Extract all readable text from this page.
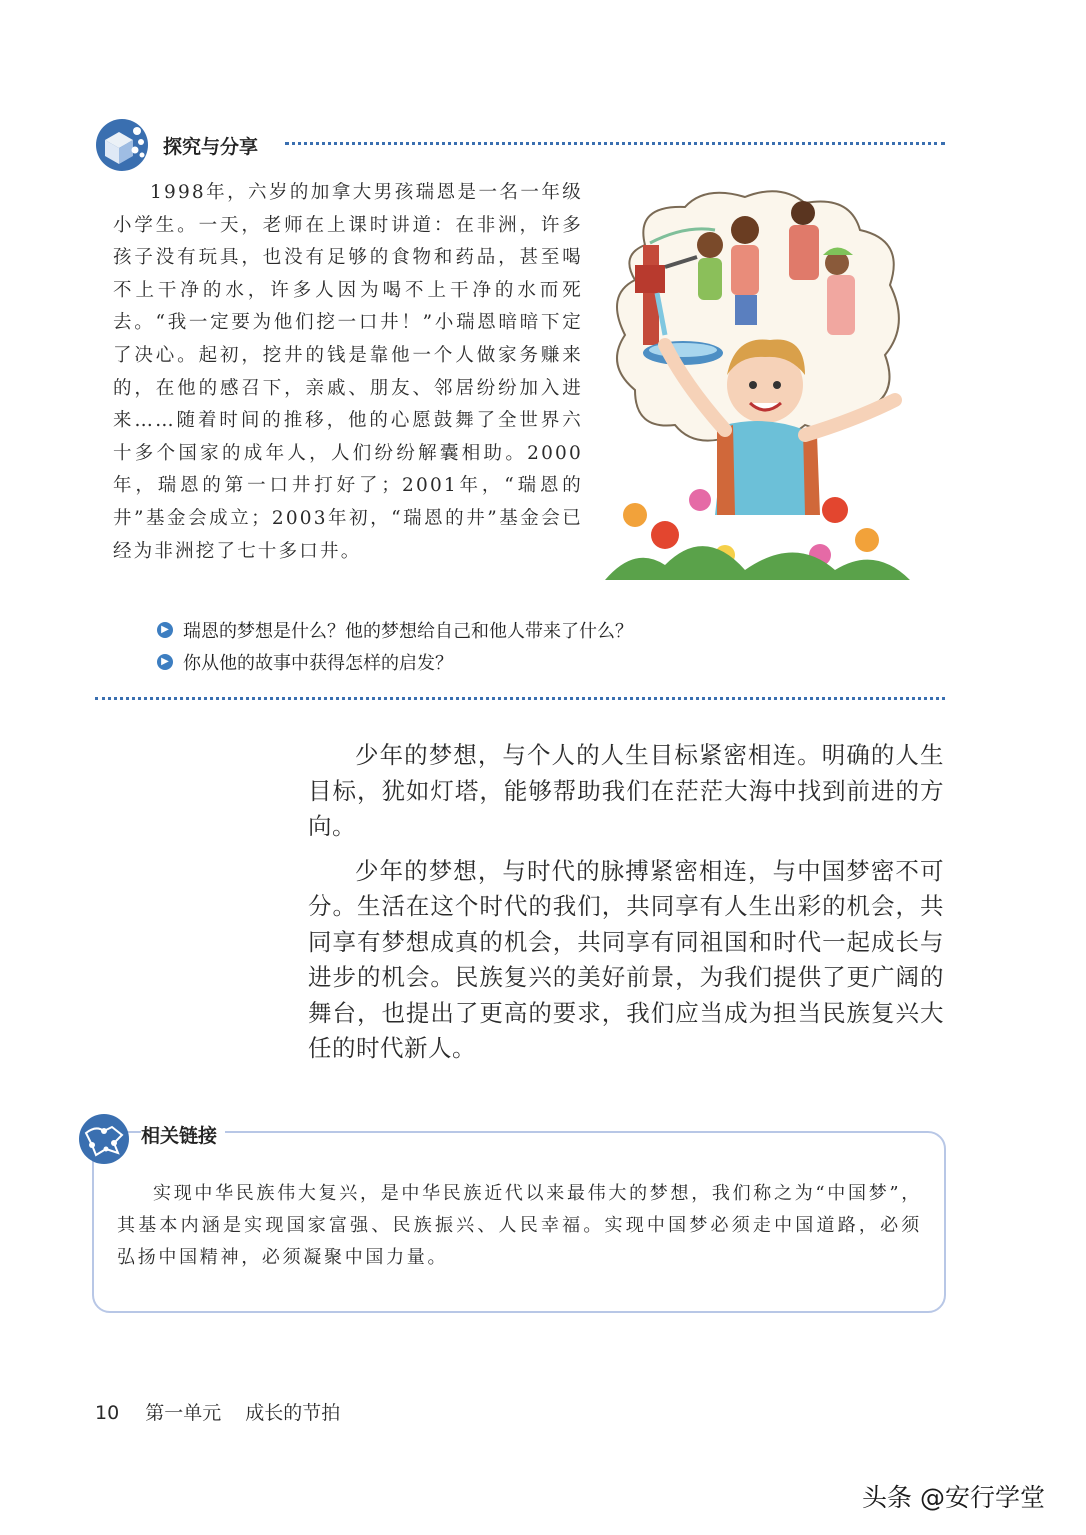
探究与分享
1998年，六岁的加拿大男孩瑞恩是一名一年级小学生。一天，老师在上课时讲道：在非洲，许多孩子没有玩具，也没有足够的食物和药品，甚至喝不上干净的水，许多人因为喝不上干净的水而死去。“我一定要为他们挖一口井！”小瑞恩暗暗下定了决心。起初，挖井的钱是靠他一个人做家务赚来的，在他的感召下，亲戚、朋友、邻居纷纷加入进来……随着时间的推移，他的心愿鼓舞了全世界六十多个国家的成年人，人们纷纷解囊相助。2000年，瑞恩的第一口井打好了；2001年，“瑞恩的井”基金会成立；2003年初，“瑞恩的井”基金会已经为非洲挖了七十多口井。
▶ 瑞恩的梦想是什么？他的梦想给自己和他人带来了什么？
▶ 你从他的故事中获得怎样的启发？

少年的梦想，与个人的人生目标紧密相连。明确的人生目标，犹如灯塔，能够帮助我们在茫茫大海中找到前进的方向。

少年的梦想，与时代的脉搏紧密相连，与中国梦密不可分。生活在这个时代的我们，共同享有人生出彩的机会，共同享有梦想成真的机会，共同享有同祖国和时代一起成长与进步的机会。民族复兴的美好前景，为我们提供了更广阔的舞台，也提出了更高的要求，我们应当成为担当民族复兴大任的时代新人。

相关链接
实现中华民族伟大复兴，是中华民族近代以来最伟大的梦想，我们称之为“中国梦”，其基本内涵是实现国家富强、民族振兴、人民幸福。实现中国梦必须走中国道路，必须弘扬中国精神，必须凝聚中国力量。
10 第一单元 成长的节拍
头条 @安行学堂
